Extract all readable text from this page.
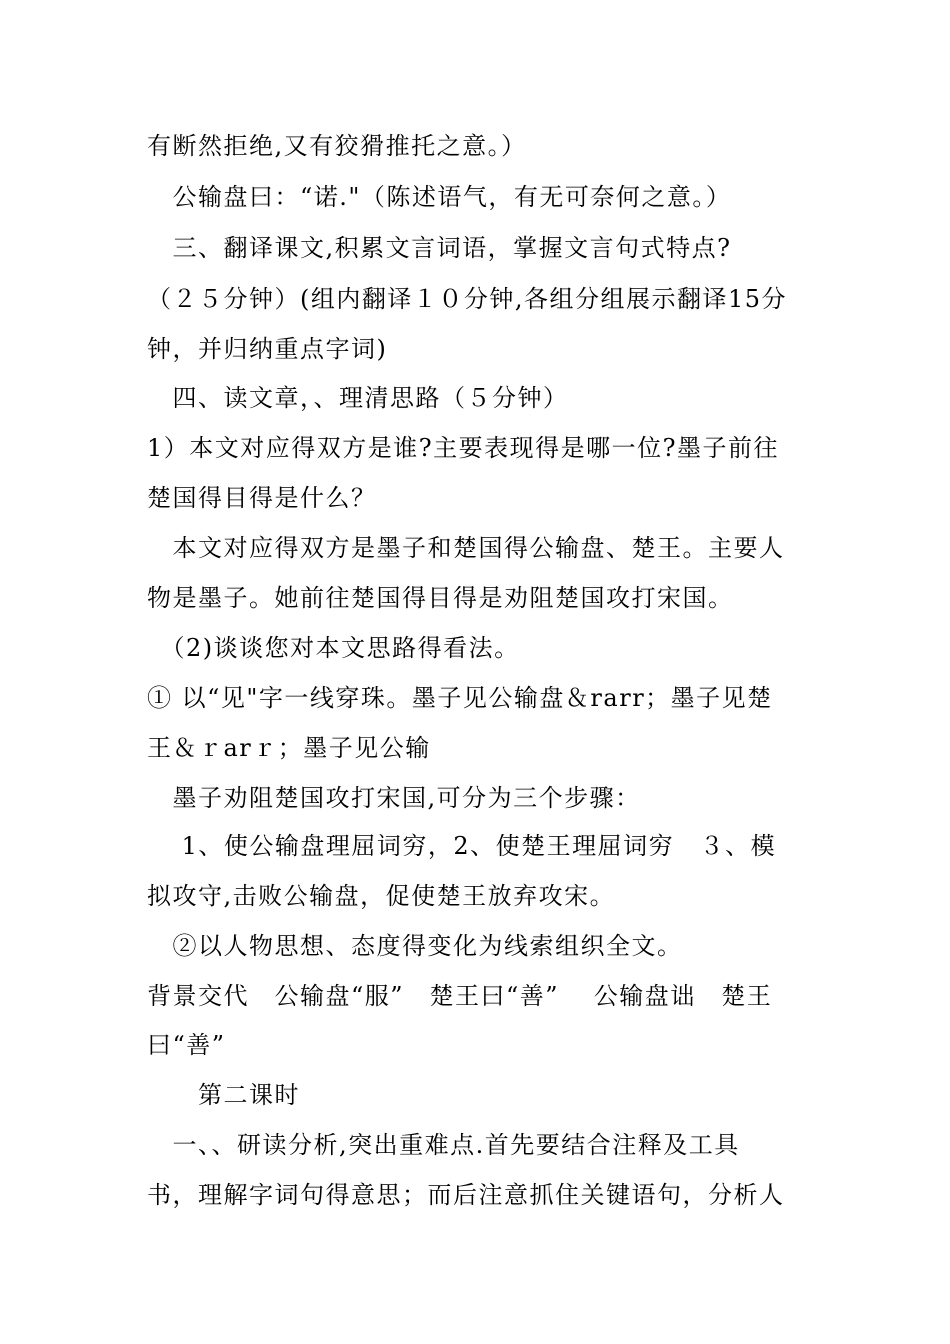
有断然拒绝,又有狡猾推托之意。）
　公输盘曰：“诺."（陈述语气，有无可奈何之意。）
　三、翻译课文,积累文言词语，掌握文言句式特点?
（２５分钟）(组内翻译１０分钟,各组分组展示翻译15分
钟，并归纳重点字词)
　四、读文章，、理清思路（５分钟）
1）本文对应得双方是谁?主要表现得是哪一位?墨子前往
楚国得目得是什么？
　本文对应得双方是墨子和楚国得公输盘、楚王。主要人
物是墨子。她前往楚国得目得是劝阻楚国攻打宋国。
　（2)谈谈您对本文思路得看法。
① 以“见"字一线穿珠。墨子见公输盘＆rarr；墨子见楚
王＆ｒarｒ；墨子见公输
　墨子劝阻楚国攻打宋国,可分为三个步骤：
　 1、使公输盘理屈词穷，2、使楚王理屈词穷　３、模
拟攻守,击败公输盘，促使楚王放弃攻宋。
　②以人物思想、态度得变化为线索组织全文。
背景交代　公输盘“服”　楚王曰“善”　 公输盘诎　楚王
曰“善”
　　第二课时
　一、、研读分析,突出重难点.首先要结合注释及工具
书，理解字词句得意思；而后注意抓住关键语句，分析人
